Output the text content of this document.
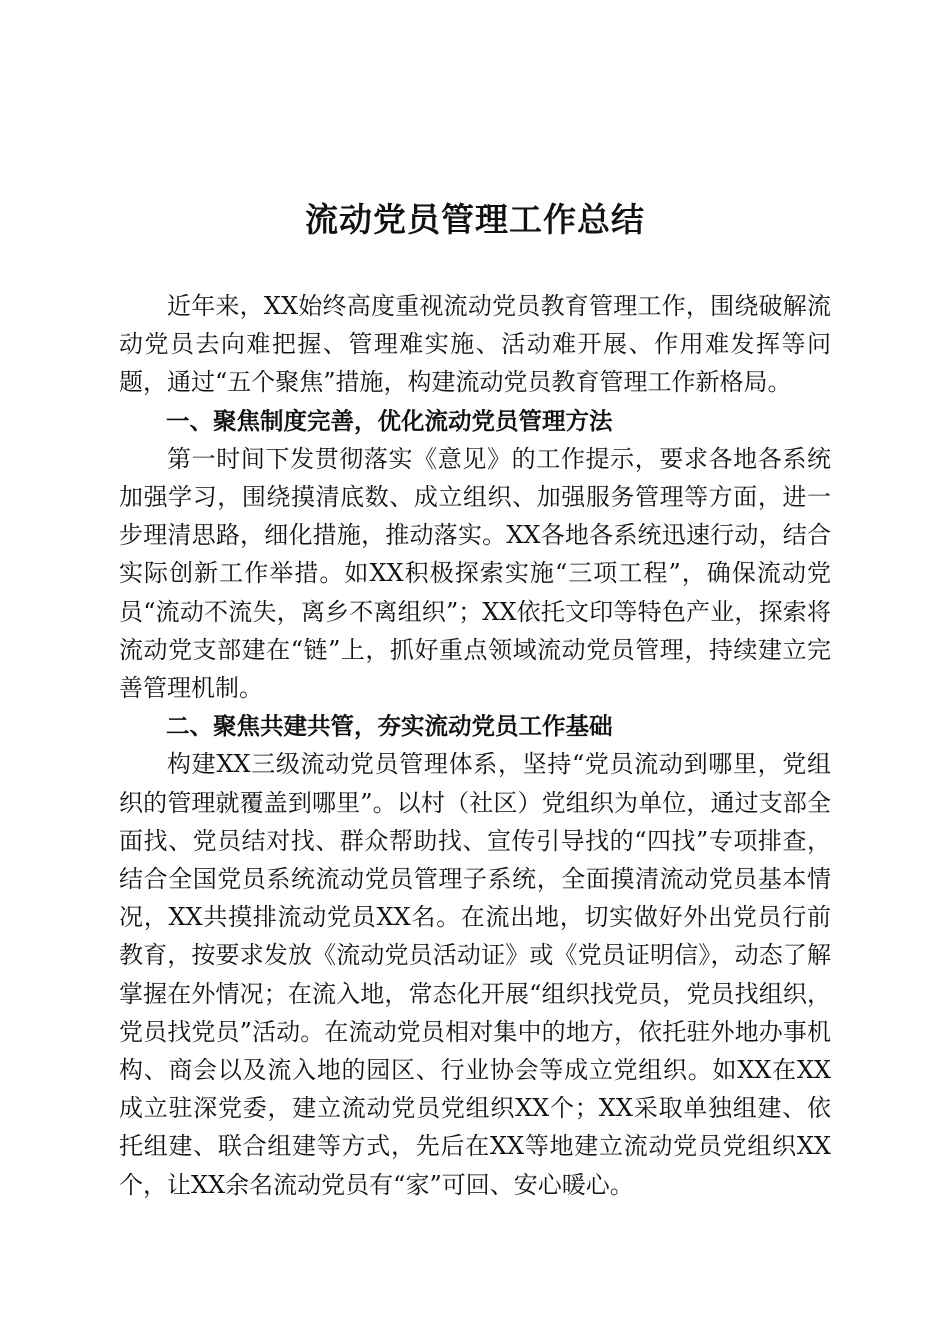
流动党员管理工作总结

近年来，XX始终高度重视流动党员教育管理工作，围绕破解流动党员去向难把握、管理难实施、活动难开展、作用难发挥等问题，通过“五个聚焦”措施，构建流动党员教育管理工作新格局。

一、聚焦制度完善，优化流动党员管理方法

第一时间下发贯彻落实《意见》的工作提示，要求各地各系统加强学习，围绕摸清底数、成立组织、加强服务管理等方面，进一步理清思路，细化措施，推动落实。XX各地各系统迅速行动，结合实际创新工作举措。如XX积极探索实施“三项工程”，确保流动党员“流动不流失，离乡不离组织”；XX依托文印等特色产业，探索将流动党支部建在“链”上，抓好重点领域流动党员管理，持续建立完善管理机制。

二、聚焦共建共管，夯实流动党员工作基础

构建XX三级流动党员管理体系，坚持“党员流动到哪里，党组织的管理就覆盖到哪里”。以村（社区）党组织为单位，通过支部全面找、党员结对找、群众帮助找、宣传引导找的“四找”专项排查，结合全国党员系统流动党员管理子系统，全面摸清流动党员基本情况，XX共摸排流动党员XX名。在流出地，切实做好外出党员行前教育，按要求发放《流动党员活动证》或《党员证明信》，动态了解掌握在外情况；在流入地，常态化开展“组织找党员，党员找组织，党员找党员”活动。在流动党员相对集中的地方，依托驻外地办事机构、商会以及流入地的园区、行业协会等成立党组织。如XX在XX成立驻深党委，建立流动党员党组织XX个；XX采取单独组建、依托组建、联合组建等方式，先后在XX等地建立流动党员党组织XX个，让XX余名流动党员有“家”可回、安心暖心。
